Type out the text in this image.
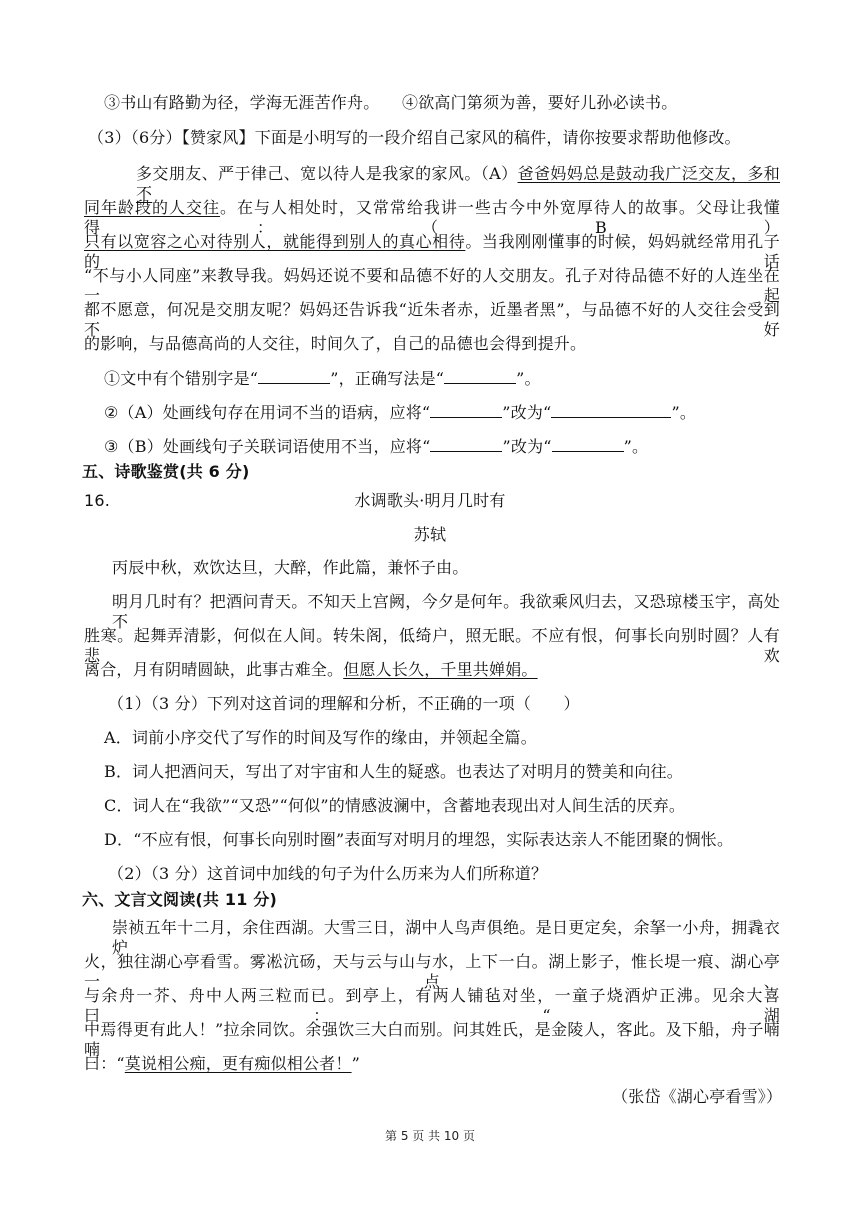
③书山有路勤为径，学海无涯苦作舟。 ④欲高门第须为善，要好儿孙必读书。
（3）（6分）【赞家风】下面是小明写的一段介绍自己家风的稿件，请你按要求帮助他修改。
多交朋友、严于律己、宽以待人是我家的家风。（A）爸爸妈妈总是鼓动我广泛交友，多和不
同年龄段的人交往。在与人相处时，又常常给我讲一些古今中外宽厚待人的故事。父母让我懂得：（B）
只有以宽容之心对待别人，就能得到别人的真心相待。当我刚刚懂事的时候，妈妈就经常用孔子的话
“不与小人同座”来教导我。妈妈还说不要和品德不好的人交朋友。孔子对待品德不好的人连坐在一起
都不愿意，何况是交朋友呢？妈妈还告诉我“近朱者赤，近墨者黑”，与品德不好的人交往会受到不好
的影响，与品德高尚的人交往，时间久了，自己的品德也会得到提升。
①文中有个错别字是“	”，正确写法是“	”。
②（A）处画线句存在用词不当的语病，应将“	”改为“	”。
③（B）处画线句子关联词语使用不当，应将“	”改为“	”。
五、诗歌鉴赏(共 6 分)
16.	水调歌头·明月几时有
苏轼
丙辰中秋，欢饮达旦，大醉，作此篇，兼怀子由。
明月几时有？把酒问青天。不知天上宫阙，今夕是何年。我欲乘风归去，又恐琼楼玉宇，高处不
胜寒。起舞弄清影，何似在人间。转朱阁，低绮户，照无眠。不应有恨，何事长向别时圆？人有悲欢
离合，月有阴晴圆缺，此事古难全。但愿人长久，千里共婵娟。
（1）（3 分）下列对这首词的理解和分析，不正确的一项（　　）
A．词前小序交代了写作的时间及写作的缘由，并领起全篇。
B．词人把酒问天，写出了对宇宙和人生的疑惑。也表达了对明月的赞美和向往。
C．词人在“我欲”“又恐”“何似”的情感波澜中，含蓄地表现出对人间生活的厌弃。
D．“不应有恨，何事长向别时圈”表面写对明月的埋怨，实际表达亲人不能团聚的惆怅。
（2）（3 分）这首词中加线的句子为什么历来为人们所称道？
六、文言文阅读(共 11 分)
崇祯五年十二月，余住西湖。大雪三日，湖中人鸟声俱绝。是日更定矣，余拏一小舟，拥毳衣炉
火，独往湖心亭看雪。雾凇沆砀，天与云与山与水，上下一白。湖上影子，惟长堤一痕、湖心亭一点、
与余舟一芥、舟中人两三粒而已。到亭上，有两人铺毡对坐，一童子烧酒炉正沸。见余大喜曰：“湖
中焉得更有此人！”拉余同饮。余强饮三大白而别。问其姓氏，是金陵人，客此。及下船，舟子喃喃
曰：“莫说相公痴，更有痴似相公者！”
（张岱《湖心亭看雪》）
第 5 页 共 10 页
